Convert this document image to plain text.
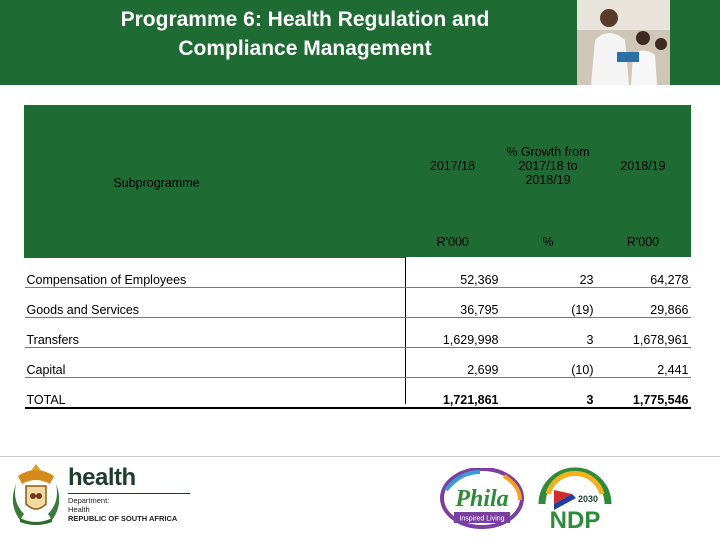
Programme 6: Health Regulation and
Compliance Management
Subprogramme	2017/18	% Growth from 2017/18 to 2018/19	2018/19
	R'000	%	R'000
Compensation of Employees	52,369	23	64,278
Goods and Services	36,795	(19)	29,866
Transfers	1,629,998	3	1,678,961
Capital	2,699	(10)	2,441
TOTAL	1,721,861	3	1,775,546
health
Department:
Health
REPUBLIC OF SOUTH AFRICA
Phila
Inspired Living
2030
NDP
